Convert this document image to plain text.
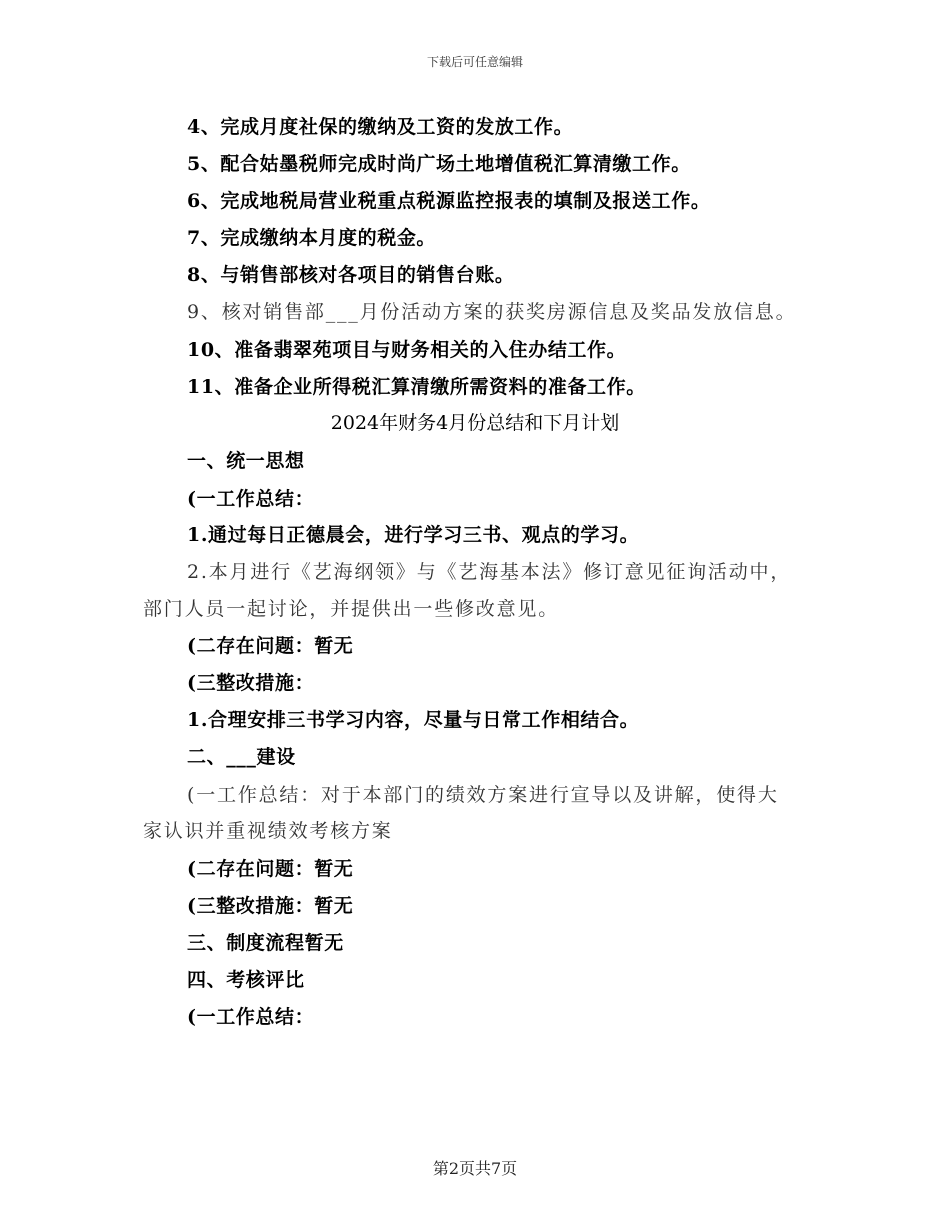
下载后可任意编辑
4、完成月度社保的缴纳及工资的发放工作。
5、配合姑墨税师完成时尚广场土地增值税汇算清缴工作。
6、完成地税局营业税重点税源监控报表的填制及报送工作。
7、完成缴纳本月度的税金。
8、与销售部核对各项目的销售台账。
9、核对销售部___月份活动方案的获奖房源信息及奖品发放信息。
10、准备翡翠苑项目与财务相关的入住办结工作。
11、准备企业所得税汇算清缴所需资料的准备工作。
2024年财务4月份总结和下月计划
一、统一思想
(一工作总结：
1.通过每日正德晨会，进行学习三书、观点的学习。
2.本月进行《艺海纲领》与《艺海基本法》修订意见征询活动中，
部门人员一起讨论，并提供出一些修改意见。
(二存在问题：暂无
(三整改措施：
1.合理安排三书学习内容，尽量与日常工作相结合。
二、___建设
(一工作总结：对于本部门的绩效方案进行宣导以及讲解，使得大
家认识并重视绩效考核方案
(二存在问题：暂无
(三整改措施：暂无
三、制度流程暂无
四、考核评比
(一工作总结：
第2页共7页
